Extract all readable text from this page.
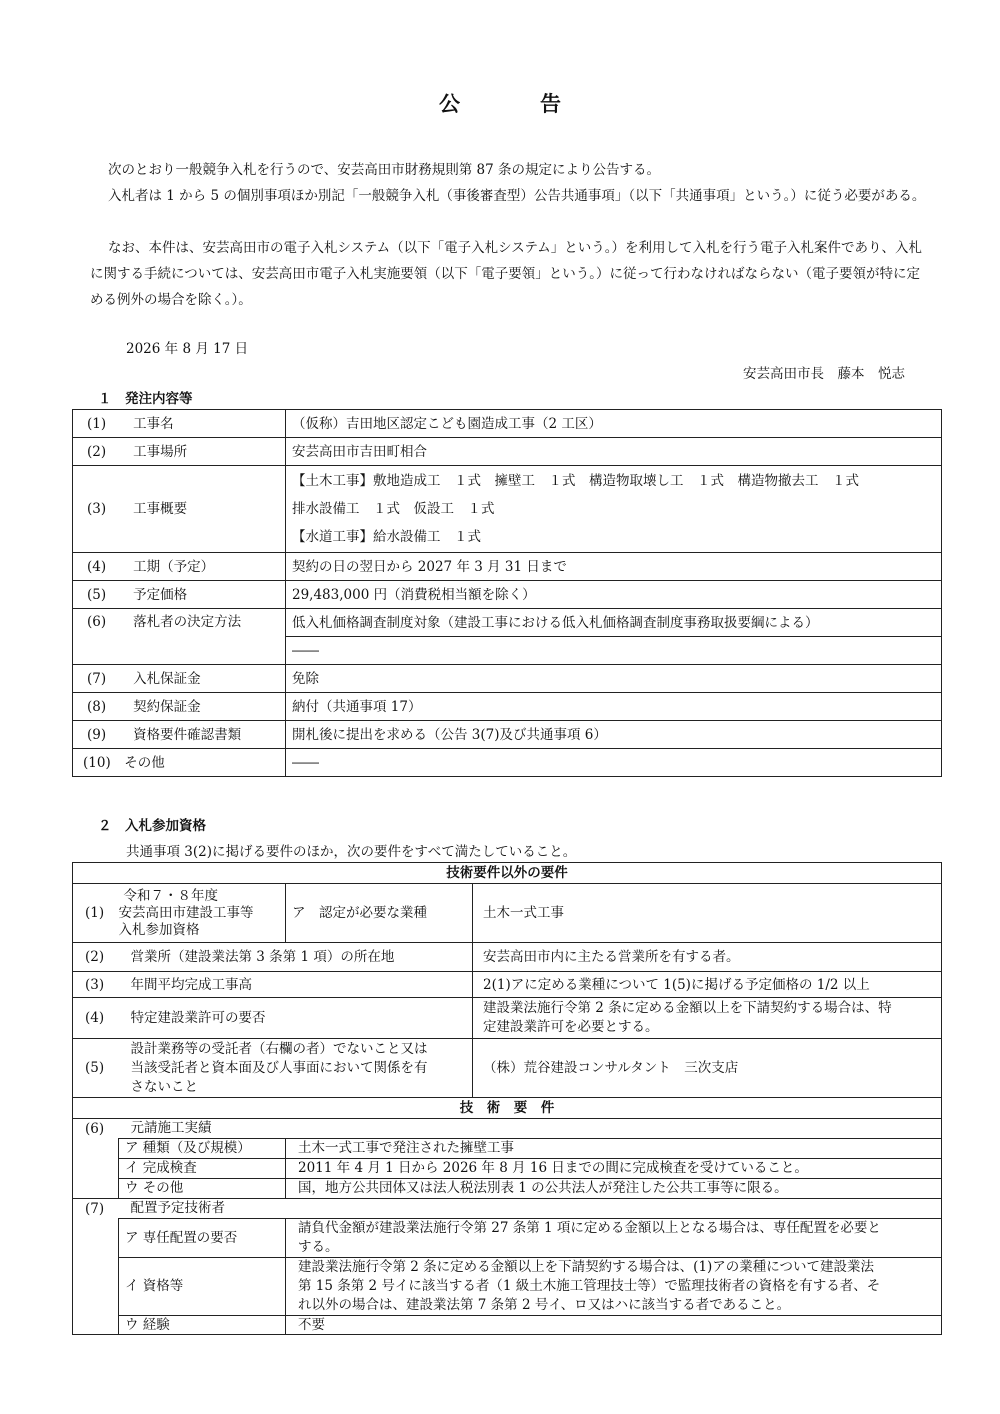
公	告
次のとおり一般競争入札を行うので、安芸高田市財務規則第 87 条の規定により公告する。
入札者は 1 から 5 の個別事項ほか別記「一般競争入札（事後審査型）公告共通事項」（以下「共通事項」という。）に従う必要がある。
なお、本件は、安芸高田市の電子入札システム（以下「電子入札システム」という。）を利用して入札を行う電子入札案件であり、入札に関する手続については、安芸高田市電子入札実施要領（以下「電子要領」という。）に従って行わなければならない（電子要領が特に定める例外の場合を除く。）。
2026 年 8 月 17 日
安芸高田市長　藤本　悦志
１　発注内容等
(1)　　 工事名	（仮称）吉田地区認定こども園造成工事（2 工区）
(2)　　 工事場所	安芸高田市吉田町相合
(3)　　 工事概要	【土木工事】敷地造成工　１式　擁壁工　１式　構造物取壊し工　１式　構造物撤去工　１式
排水設備工　１式　仮設工　１式
【水道工事】給水設備工　１式

(4)　　 工期（予定）	契約の日の翌日から 2027 年 3 月 31 日まで
(5)　　 予定価格	29,483,000 円（消費税相当額を除く）
(6)　　 落札者の決定方法	低入札価格調査制度対象（建設工事における低入札価格調査制度事務取扱要綱による）
	――
(7)　　 入札保証金	免除
(8)　　 契約保証金	納付（共通事項 17）
(9)　　 資格要件確認書類	開札後に提出を求める（公告 3(7)及び共通事項 6）
(10)　 その他	――
２　入札参加資格
共通事項 3(2)に掲げる要件のほか，次の要件をすべて満たしていること。
技術要件以外の要件			
(1)	令和７・８年度
安芸高田市建設工事等
入札参加資格	ア　認定が必要な業種	土木一式工事
(2)	営業所（建設業法第 3 条第 1 項）の所在地		安芸高田市内に主たる営業所を有する者。
(3)	年間平均完成工事高		2(1)アに定める業種について 1(5)に掲げる予定価格の 1/2 以上
(4)	特定建設業許可の要否		建設業法施行令第 2 条に定める金額以上を下請契約する場合は、特
定建設業許可を必要とする。

(5)	設計業務等の受託者（右欄の者）でないこと又は
当該受託者と資本面及び人事面において関係を有
さないこと		（株）荒谷建設コンサルタント　三次支店
技　術　要　件			
(6)	元請施工実績		
	ア 種類（及び規模）	土木一式工事で発注された擁壁工事	
	イ 完成検査	2011 年 4 月 1 日から 2026 年 8 月 16 日までの間に完成検査を受けていること。	
	ウ その他	国，地方公共団体又は法人税法別表 1 の公共法人が発注した公共工事等に限る。	
(7)	配置予定技術者		
	ア 専任配置の要否	請負代金額が建設業法施行令第 27 条第 1 項に定める金額以上となる場合は、専任配置を必要と
する。	

	イ 資格等	建設業法施行令第 2 条に定める金額以上を下請契約する場合は、(1)アの業種について建設業法
第 15 条第 2 号イに該当する者（1 級土木施工管理技士等）で監理技術者の資格を有する者、そ
れ以外の場合は、建設業法第 7 条第 2 号イ、ロ又はハに該当する者であること。	

	ウ 経験	不要	
